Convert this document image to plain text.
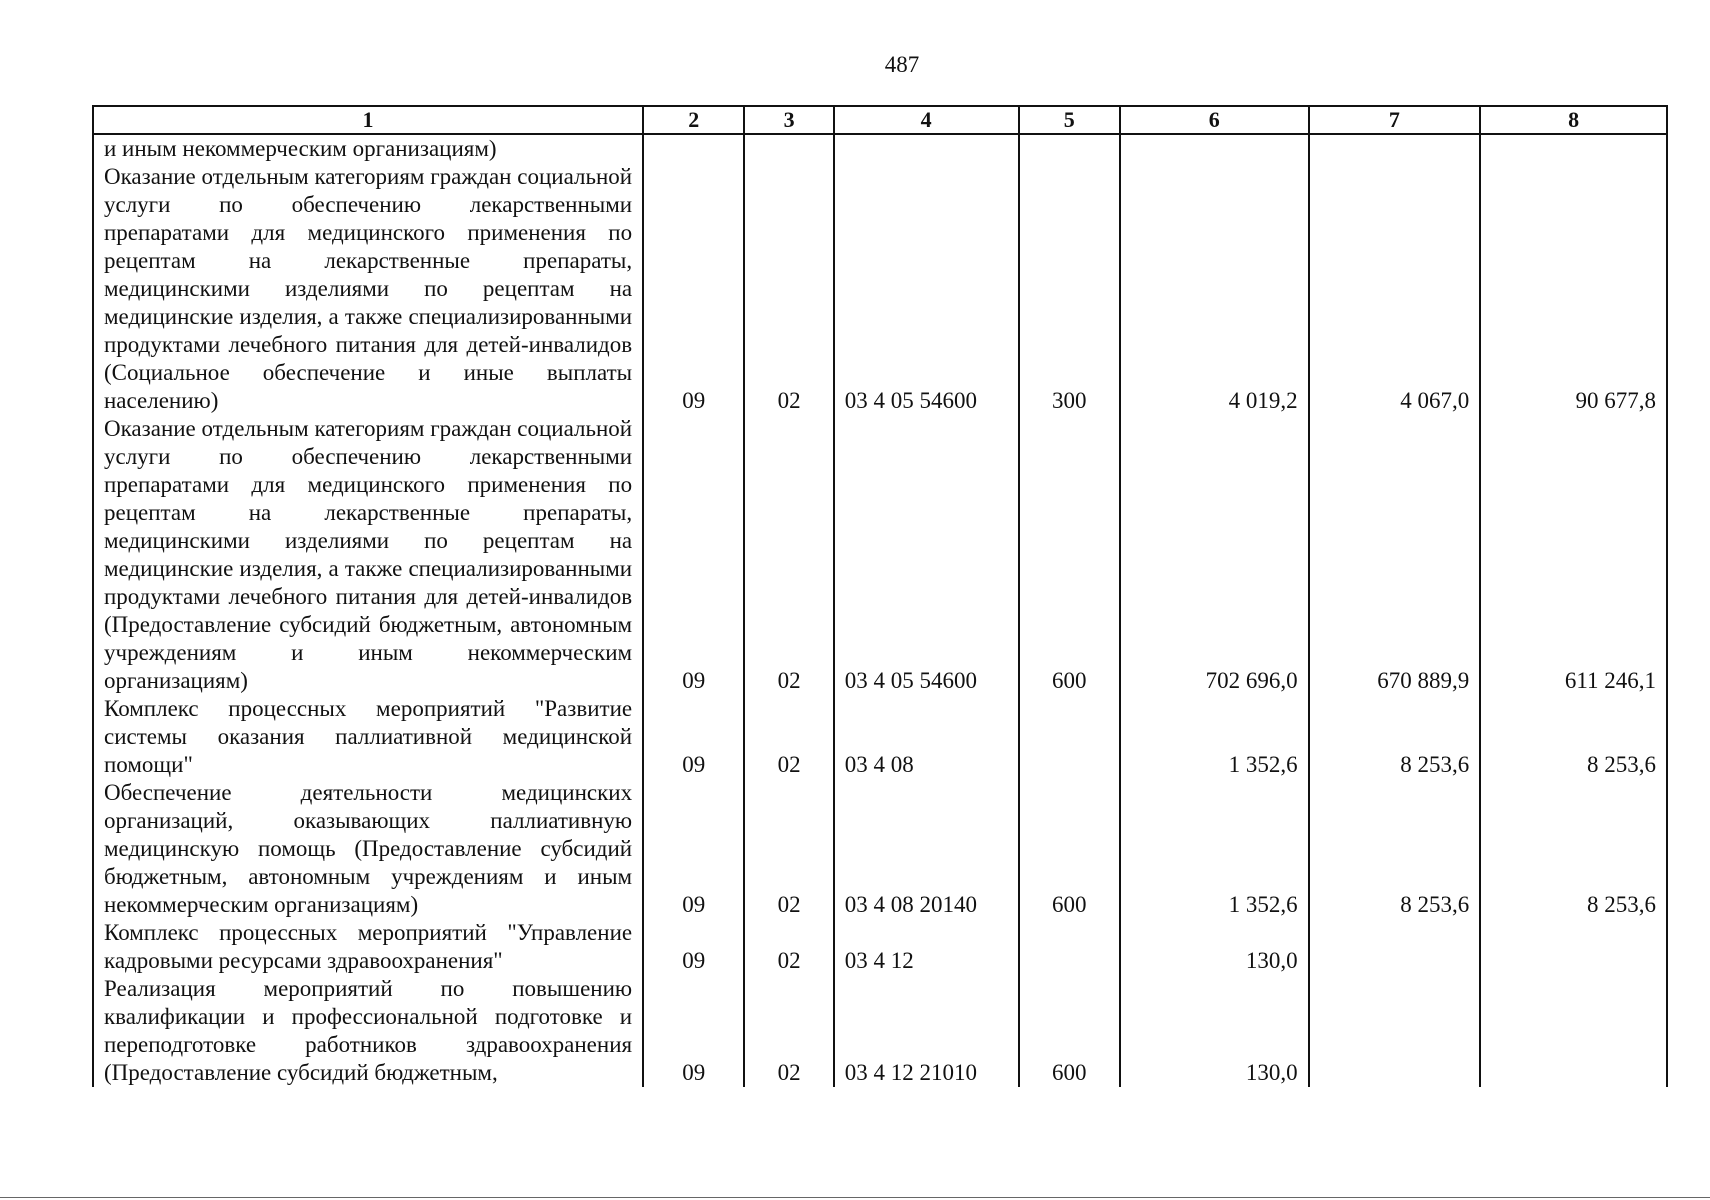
487
1	2	3	4	5	6	7	8
и иным некоммерческим организациям)							
Оказание отдельным категориям граждан социальной услуги по обеспечению лекарственными препаратами для медицинского применения по рецептам на лекарственные препараты, медицинскими изделиями по рецептам на медицинские изделия, а также специализированными продуктами лечебного питания для детей-инвалидов (Социальное обеспечение и иные выплаты населению)	09	02	03 4 05 54600	300	4 019,2	4 067,0	90 677,8
Оказание отдельным категориям граждан социальной услуги по обеспечению лекарственными препаратами для медицинского применения по рецептам на лекарственные препараты, медицинскими изделиями по рецептам на медицинские изделия, а также специализированными продуктами лечебного питания для детей-инвалидов (Предоставление субсидий бюджетным, автономным учреждениям и иным некоммерческим организациям)	09	02	03 4 05 54600	600	702 696,0	670 889,9	611 246,1
Комплекс процессных мероприятий "Развитие системы оказания паллиативной медицинской помощи"	09	02	03 4 08		1 352,6	8 253,6	8 253,6
Обеспечение деятельности медицинских организаций, оказывающих паллиативную медицинскую помощь (Предоставление субсидий бюджетным, автономным учреждениям и иным некоммерческим организациям)	09	02	03 4 08 20140	600	1 352,6	8 253,6	8 253,6
Комплекс процессных мероприятий "Управление кадровыми ресурсами здравоохранения"	09	02	03 4 12		130,0		
Реализация мероприятий по повышению квалификации и профессиональной подготовке и переподготовке работников здравоохранения (Предоставление субсидий бюджетным,	09	02	03 4 12 21010	600	130,0		
